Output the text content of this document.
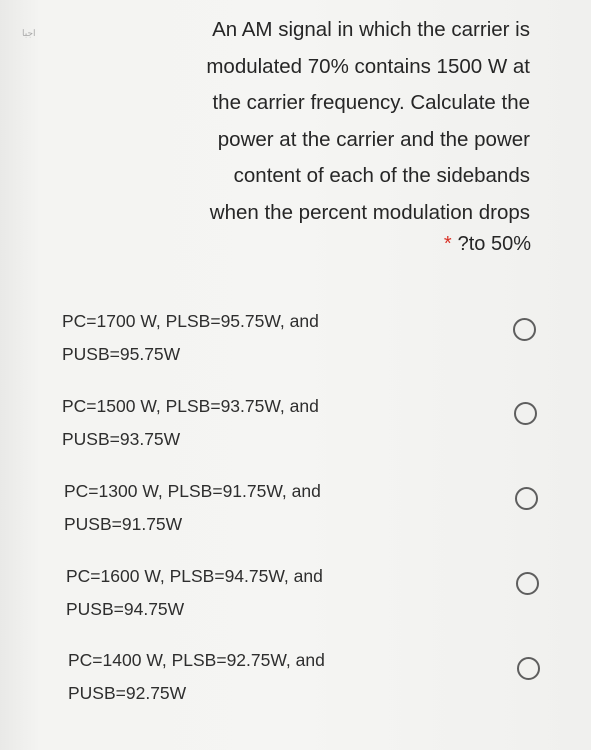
اجبا	An AM signal in which the carrier is
modulated 70% contains 1500 W at
the carrier frequency. Calculate the
power at the carrier and the power
content of each of the sidebands
when the percent modulation drops
* ?to 50%
PC=1700 W, PLSB=95.75W, and
PUSB=95.75W
PC=1500 W, PLSB=93.75W, and
PUSB=93.75W
PC=1300 W, PLSB=91.75W, and
PUSB=91.75W
PC=1600 W, PLSB=94.75W, and
PUSB=94.75W
PC=1400 W, PLSB=92.75W, and
PUSB=92.75W
